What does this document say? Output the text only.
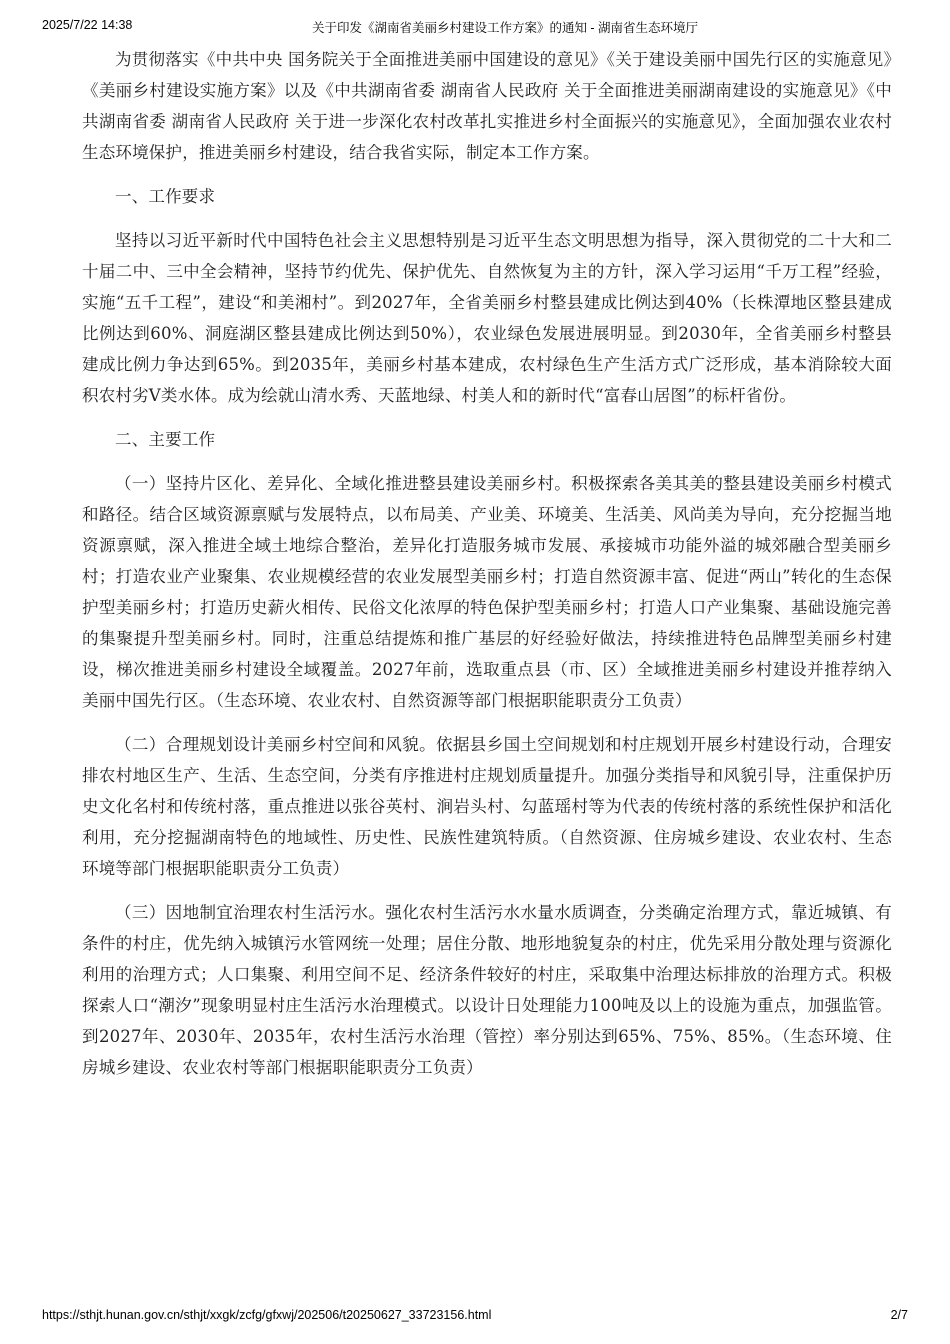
2025/7/22 14:38	关于印发《湖南省美丽乡村建设工作方案》的通知 - 湖南省生态环境厅

为贯彻落实《中共中央 国务院关于全面推进美丽中国建设的意见》《关于建设美丽中国先行区的实施意见》《美丽乡村建设实施方案》以及《中共湖南省委 湖南省人民政府 关于全面推进美丽湖南建设的实施意见》《中共湖南省委 湖南省人民政府 关于进一步深化农村改革扎实推进乡村全面振兴的实施意见》，全面加强农业农村生态环境保护，推进美丽乡村建设，结合我省实际，制定本工作方案。

一、工作要求

坚持以习近平新时代中国特色社会主义思想特别是习近平生态文明思想为指导，深入贯彻党的二十大和二十届二中、三中全会精神，坚持节约优先、保护优先、自然恢复为主的方针，深入学习运用“千万工程”经验，实施“五千工程”，建设“和美湘村”。到2027年，全省美丽乡村整县建成比例达到40%（长株潭地区整县建成比例达到60%、洞庭湖区整县建成比例达到50%），农业绿色发展进展明显。到2030年，全省美丽乡村整县建成比例力争达到65%。到2035年，美丽乡村基本建成，农村绿色生产生活方式广泛形成，基本消除较大面积农村劣V类水体。成为绘就山清水秀、天蓝地绿、村美人和的新时代“富春山居图”的标杆省份。

二、主要工作

（一）坚持片区化、差异化、全域化推进整县建设美丽乡村。积极探索各美其美的整县建设美丽乡村模式和路径。结合区域资源禀赋与发展特点，以布局美、产业美、环境美、生活美、风尚美为导向，充分挖掘当地资源禀赋，深入推进全域土地综合整治，差异化打造服务城市发展、承接城市功能外溢的城郊融合型美丽乡村；打造农业产业聚集、农业规模经营的农业发展型美丽乡村；打造自然资源丰富、促进“两山”转化的生态保护型美丽乡村；打造历史薪火相传、民俗文化浓厚的特色保护型美丽乡村；打造人口产业集聚、基础设施完善的集聚提升型美丽乡村。同时，注重总结提炼和推广基层的好经验好做法，持续推进特色品牌型美丽乡村建设，梯次推进美丽乡村建设全域覆盖。2027年前，选取重点县（市、区）全域推进美丽乡村建设并推荐纳入美丽中国先行区。（生态环境、农业农村、自然资源等部门根据职能职责分工负责）

（二）合理规划设计美丽乡村空间和风貌。依据县乡国土空间规划和村庄规划开展乡村建设行动，合理安排农村地区生产、生活、生态空间，分类有序推进村庄规划质量提升。加强分类指导和风貌引导，注重保护历史文化名村和传统村落，重点推进以张谷英村、涧岩头村、勾蓝瑶村等为代表的传统村落的系统性保护和活化利用，充分挖掘湖南特色的地域性、历史性、民族性建筑特质。（自然资源、住房城乡建设、农业农村、生态环境等部门根据职能职责分工负责）

（三）因地制宜治理农村生活污水。强化农村生活污水水量水质调查，分类确定治理方式，靠近城镇、有条件的村庄，优先纳入城镇污水管网统一处理；居住分散、地形地貌复杂的村庄，优先采用分散处理与资源化利用的治理方式；人口集聚、利用空间不足、经济条件较好的村庄，采取集中治理达标排放的治理方式。积极探索人口“潮汐”现象明显村庄生活污水治理模式。以设计日处理能力100吨及以上的设施为重点，加强监管。到2027年、2030年、2035年，农村生活污水治理（管控）率分别达到65%、75%、85%。（生态环境、住房城乡建设、农业农村等部门根据职能职责分工负责）

https://sthjt.hunan.gov.cn/sthjt/xxgk/zcfg/gfxwj/202506/t20250627_33723156.html	2/7
